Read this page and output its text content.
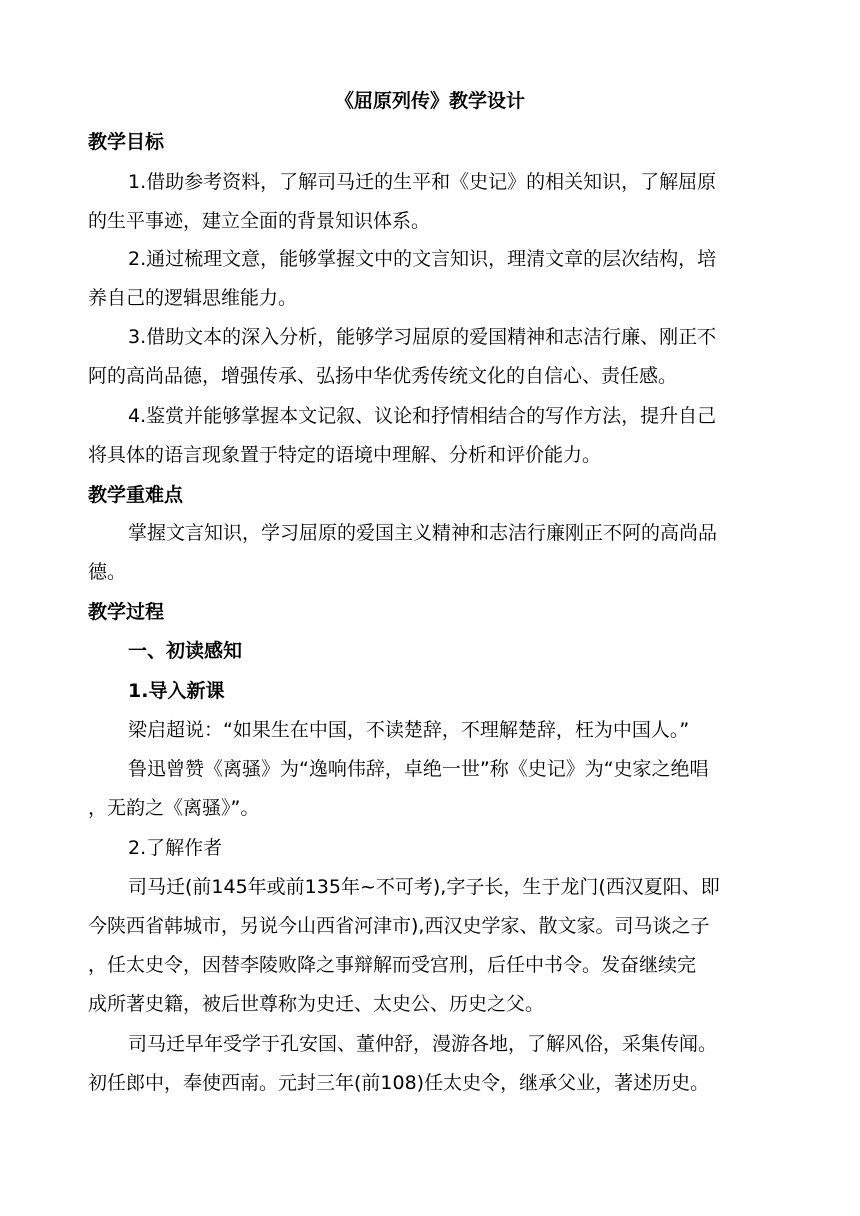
《屈原列传》教学设计
教学目标
1.借助参考资料，了解司马迁的生平和《史记》的相关知识，了解屈原
的生平事迹，建立全面的背景知识体系。
2.通过梳理文意，能够掌握文中的文言知识，理清文章的层次结构，培
养自己的逻辑思维能力。
3.借助文本的深入分析，能够学习屈原的爱国精神和志洁行廉、刚正不
阿的高尚品德，增强传承、弘扬中华优秀传统文化的自信心、责任感。
4.鉴赏并能够掌握本文记叙、议论和抒情相结合的写作方法，提升自己
将具体的语言现象置于特定的语境中理解、分析和评价能力。
教学重难点
掌握文言知识，学习屈原的爱国主义精神和志洁行廉刚正不阿的高尚品
德。
教学过程
一、初读感知
1.导入新课
梁启超说：“如果生在中国，不读楚辞，不理解楚辞，枉为中国人。”
鲁迅曾赞《离骚》为“逸响伟辞，卓绝一世”称《史记》为“史家之绝唱
，无韵之《离骚》”。
2.了解作者
司马迁(前145年或前135年~不可考),字子长，生于龙门(西汉夏阳、即
今陕西省韩城市，另说今山西省河津市),西汉史学家、散文家。司马谈之子
，任太史令，因替李陵败降之事辩解而受宫刑，后任中书令。发奋继续完
成所著史籍，被后世尊称为史迁、太史公、历史之父。
司马迁早年受学于孔安国、董仲舒，漫游各地，了解风俗，采集传闻。
初任郎中，奉使西南。元封三年(前108)任太史令，继承父业，著述历史。
